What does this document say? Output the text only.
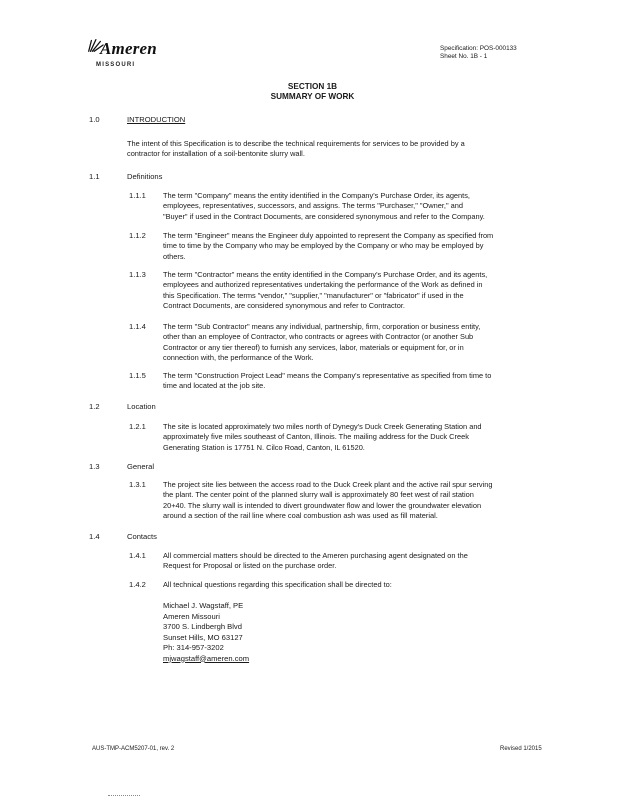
Ameren
MISSOURI
Specification: POS-000133
Sheet No. 1B - 1
SECTION 1B
SUMMARY OF WORK
1.0	INTRODUCTION
The intent of this Specification is to describe the technical requirements for services to be provided by a
contractor for installation of a soil-bentonite slurry wall.
1.1	Definitions
1.1.1 The term "Company" means the entity identified in the Company's Purchase Order, its agents,
employees, representatives, successors, and assigns. The terms "Purchaser," "Owner," and
"Buyer" if used in the Contract Documents, are considered synonymous and refer to the Company.
1.1.2 The term "Engineer" means the Engineer duly appointed to represent the Company as specified from
time to time by the Company who may be employed by the Company or who may be employed by
others.
1.1.3 The term "Contractor" means the entity identified in the Company's Purchase Order, and its agents,
employees and authorized representatives undertaking the performance of the Work as defined in
this Specification. The terms "vendor," "supplier," "manufacturer" or "fabricator" if used in the
Contract Documents, are considered synonymous and refer to Contractor.
1.1.4 The term "Sub Contractor" means any individual, partnership, firm, corporation or business entity,
other than an employee of Contractor, who contracts or agrees with Contractor (or another Sub
Contractor or any tier thereof) to furnish any services, labor, materials or equipment for, or in
connection with, the performance of the Work.
1.1.5 The term "Construction Project Lead" means the Company's representative as specified from time to
time and located at the job site.
1.2	Location
1.2.1 The site is located approximately two miles north of Dynegy's Duck Creek Generating Station and
approximately five miles southeast of Canton, Illinois. The mailing address for the Duck Creek
Generating Station is 17751 N. Cilco Road, Canton, IL 61520.
1.3	General
1.3.1 The project site lies between the access road to the Duck Creek plant and the active rail spur serving
the plant. The center point of the planned slurry wall is approximately 80 feet west of rail station
20+40. The slurry wall is intended to divert groundwater flow and lower the groundwater elevation
around a section of the rail line where coal combustion ash was used as fill material.
1.4	Contacts
1.4.1 All commercial matters should be directed to the Ameren purchasing agent designated on the
Request for Proposal or listed on the purchase order.
1.4.2 All technical questions regarding this specification shall be directed to:
Michael J. Wagstaff, PE
Ameren Missouri
3700 S. Lindbergh Blvd
Sunset Hills, MO 63127
Ph: 314-957-3202
mjwagstaff@ameren.com
AUS-TMP-ACM5207-01, rev. 2	Revised 1/2015
